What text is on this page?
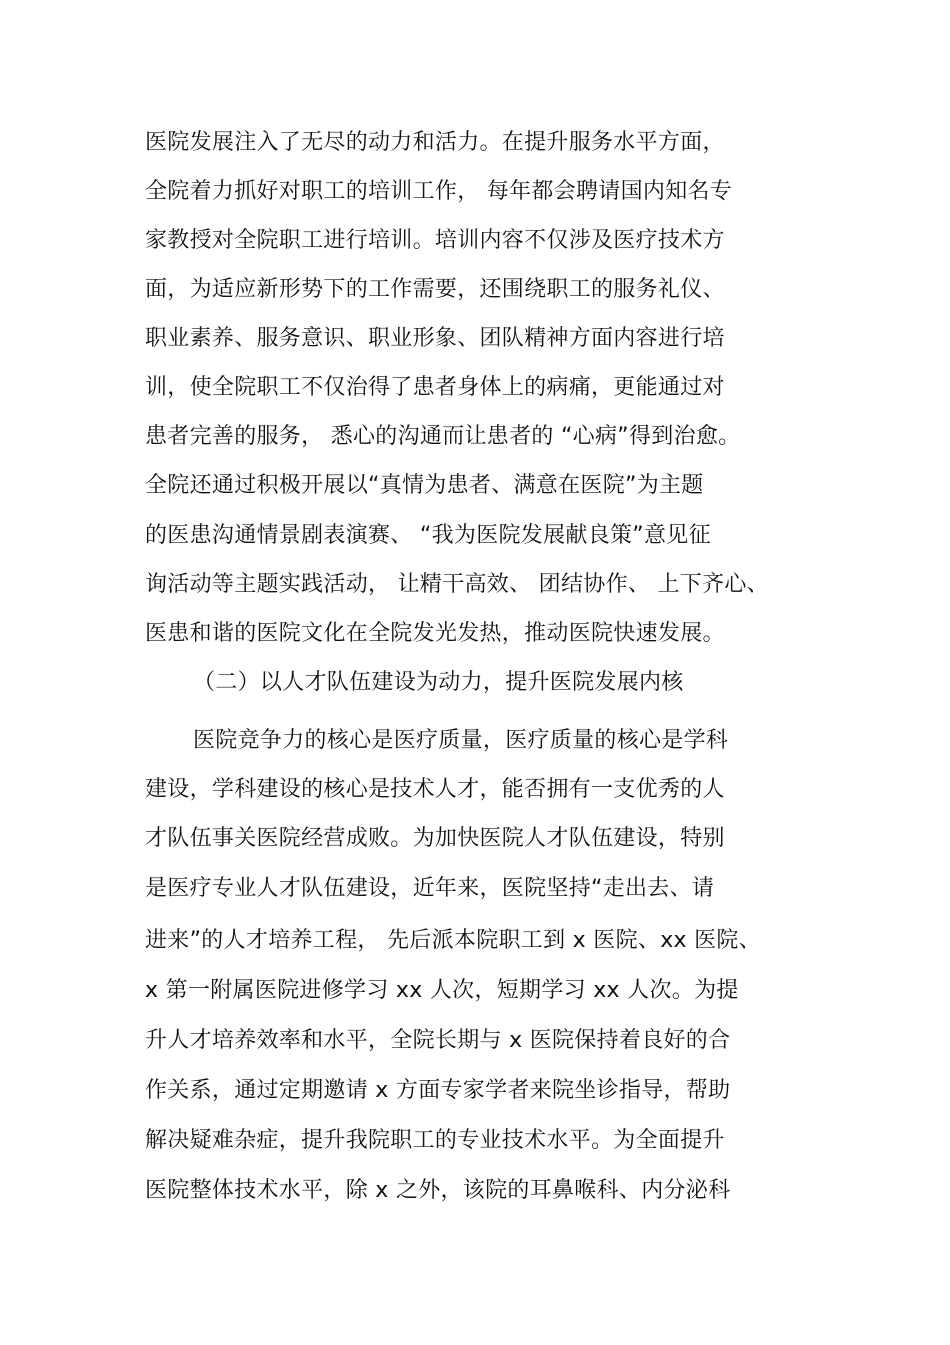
医院发展注入了无尽的动力和活力。在提升服务水平方面，
全院着力抓好对职工的培训工作， 每年都会聘请国内知名专
家教授对全院职工进行培训。培训内容不仅涉及医疗技术方
面，为适应新形势下的工作需要，还围绕职工的服务礼仪、
职业素养、服务意识、职业形象、团队精神方面内容进行培
训，使全院职工不仅治得了患者身体上的病痛，更能通过对
患者完善的服务， 悉心的沟通而让患者的 “心病”得到治愈。
全院还通过积极开展以“真情为患者、满意在医院”为主题
的医患沟通情景剧表演赛、 “我为医院发展献良策”意见征
询活动等主题实践活动， 让精干高效、 团结协作、 上下齐心、
医患和谐的医院文化在全院发光发热，推动医院快速发展。
（二）以人才队伍建设为动力，提升医院发展内核
医院竞争力的核心是医疗质量，医疗质量的核心是学科
建设，学科建设的核心是技术人才，能否拥有一支优秀的人
才队伍事关医院经营成败。为加快医院人才队伍建设，特别
是医疗专业人才队伍建设，近年来，医院坚持“走出去、请
进来”的人才培养工程， 先后派本院职工到 x 医院、xx 医院、
x 第一附属医院进修学习 xx 人次，短期学习 xx 人次。为提
升人才培养效率和水平，全院长期与 x 医院保持着良好的合
作关系，通过定期邀请 x 方面专家学者来院坐诊指导，帮助
解决疑难杂症，提升我院职工的专业技术水平。为全面提升
医院整体技术水平，除 x 之外，该院的耳鼻喉科、内分泌科
